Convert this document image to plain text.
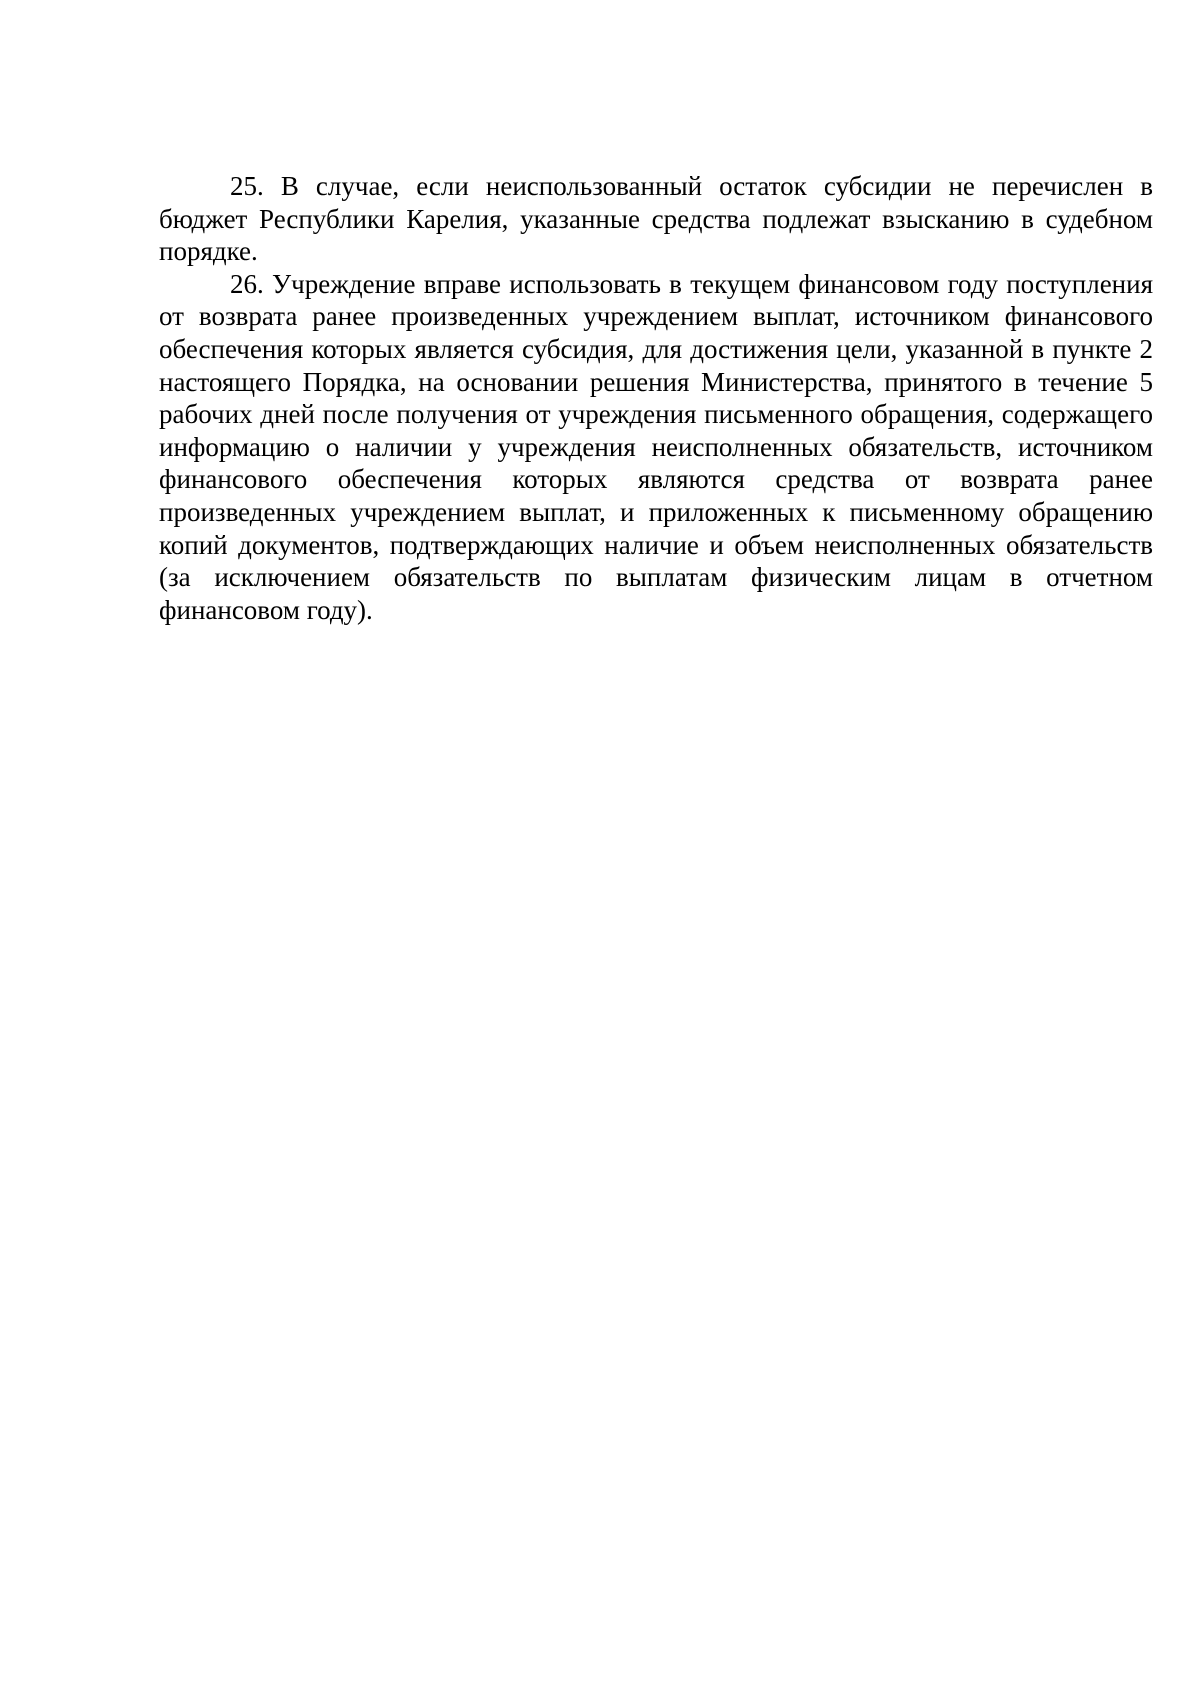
25. В случае, если неиспользованный остаток субсидии не перечислен в бюджет Республики Карелия, указанные средства подлежат взысканию в судебном порядке.

26. Учреждение вправе использовать в текущем финансовом году поступления от возврата ранее произведенных учреждением выплат, источником финансового обеспечения которых является субсидия, для достижения цели, указанной в пункте 2 настоящего Порядка, на основании решения Министерства, принятого в течение 5 рабочих дней после получения от учреждения письменного обращения, содержащего информацию о наличии у учреждения неисполненных обязательств, источником финансового обеспечения которых являются средства от возврата ранее произведенных учреждением выплат, и приложенных к письменному обращению копий документов, подтверждающих наличие и объем неисполненных обязательств (за исключением обязательств по выплатам физическим лицам в отчетном финансовом году).
